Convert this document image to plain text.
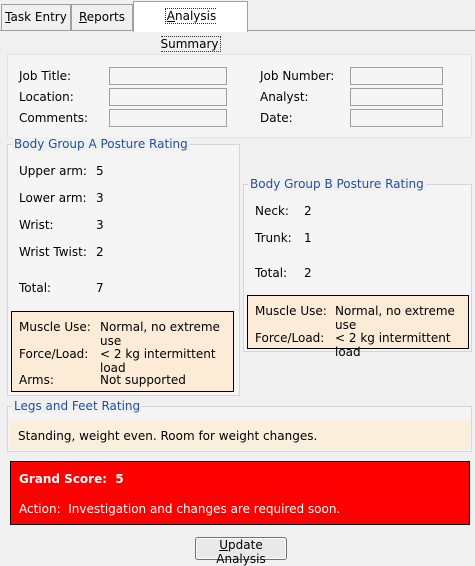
Task Entry	Reports	Analysis Summary
Job Title:
Location:
Comments:
Job Number:
Analyst:
Date:
Body Group A Posture Rating
Upper arm: 5
Lower arm: 3
Wrist:	3
Wrist Twist: 2
Total:	7
Muscle Use: Normal, no extreme use
Force/Load: < 2 kg intermittent load
Arms:	Not supported
Body Group B Posture Rating
Neck: 2
Trunk: 1
Total: 2
Muscle Use: Normal, no extreme use
Force/Load: < 2 kg intermittent load
Legs and Feet Rating
Standing, weight even. Room for weight changes.
Grand Score: 5
Action: Investigation and changes are required soon.
Update Analysis
